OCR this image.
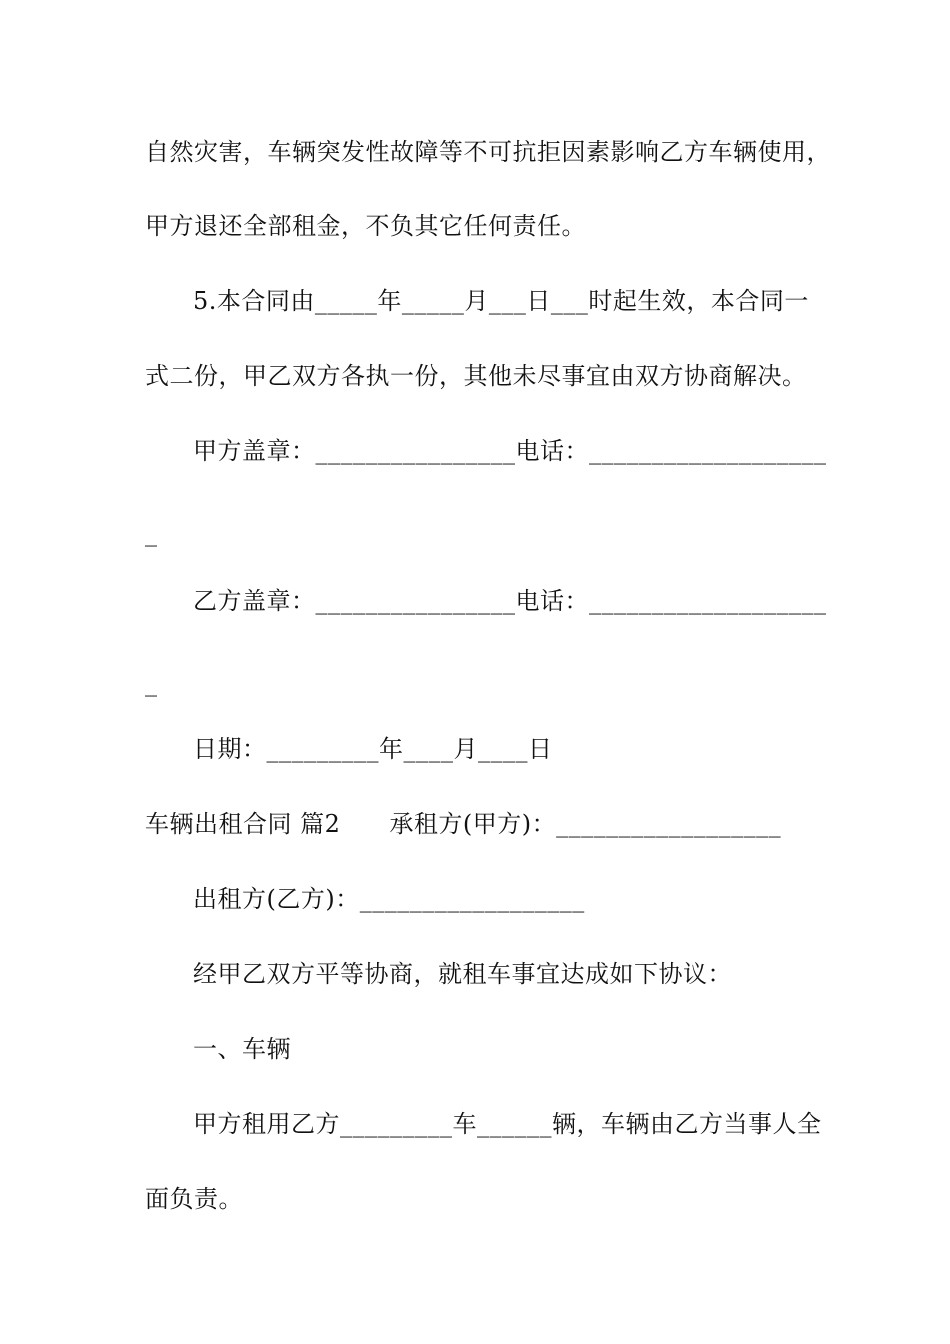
自然灾害，车辆突发性故障等不可抗拒因素影响乙方车辆使用，
甲方退还全部租金，不负其它任何责任。
5.本合同由_____年_____月___日___时起生效，本合同一
式二份，甲乙双方各执一份，其他未尽事宜由双方协商解决。
甲方盖章：________________电话：___________________
_
乙方盖章：________________电话：___________________
_
日期：_________年____月____日
车辆出租合同 篇2　　承租方(甲方)：__________________
出租方(乙方)：__________________
经甲乙双方平等协商，就租车事宜达成如下协议：
一、车辆
甲方租用乙方_________车______辆，车辆由乙方当事人全
面负责。
